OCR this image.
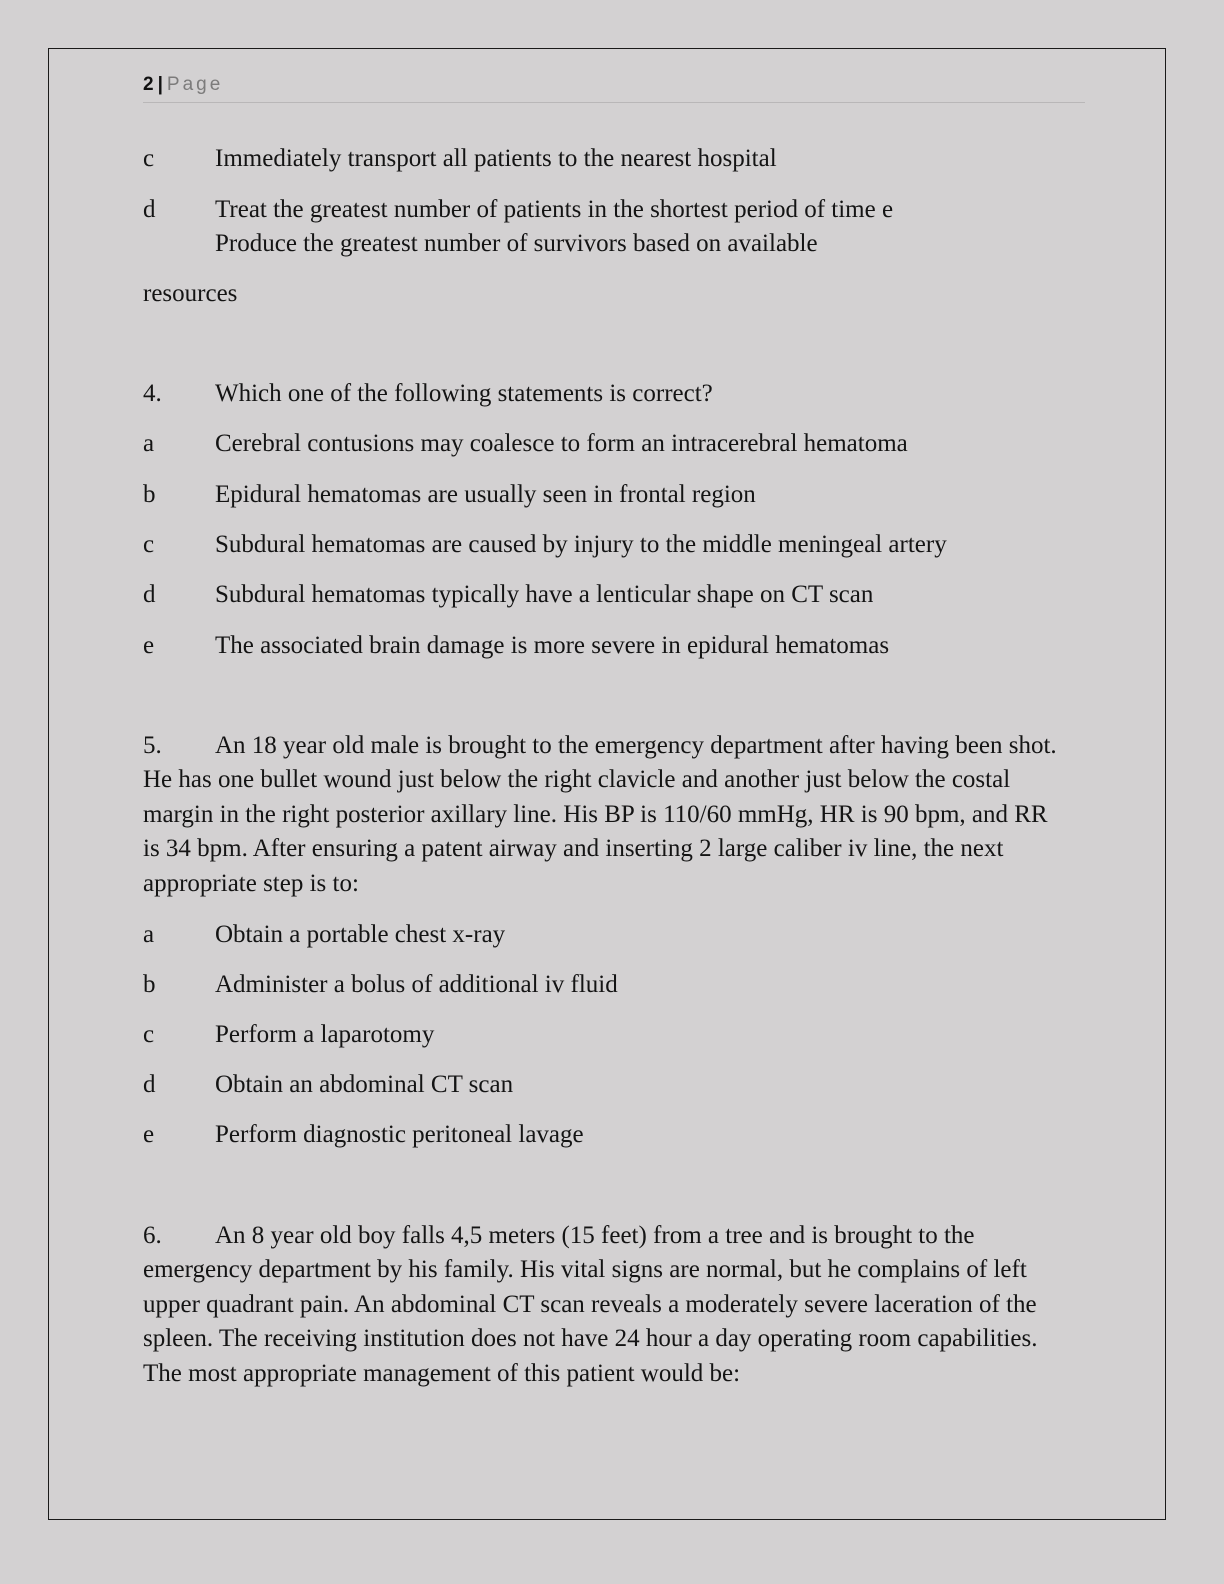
2 | Page
c Immediately transport all patients to the nearest hospital
d Treat the greatest number of patients in the shortest period of time e
Produce the greatest number of survivors based on available
resources
4. Which one of the following statements is correct?
a Cerebral contusions may coalesce to form an intracerebral hematoma
b Epidural hematomas are usually seen in frontal region
c Subdural hematomas are caused by injury to the middle meningeal artery
d Subdural hematomas typically have a lenticular shape on CT scan
e The associated brain damage is more severe in epidural hematomas
5. An 18 year old male is brought to the emergency department after having been shot. He has one bullet wound just below the right clavicle and another just below the costal margin in the right posterior axillary line. His BP is 110/60 mmHg, HR is 90 bpm, and RR is 34 bpm. After ensuring a patent airway and inserting 2 large caliber iv line, the next appropriate step is to:
a Obtain a portable chest x-ray
b Administer a bolus of additional iv fluid
c Perform a laparotomy
d Obtain an abdominal CT scan
e Perform diagnostic peritoneal lavage
6. An 8 year old boy falls 4,5 meters (15 feet) from a tree and is brought to the emergency department by his family. His vital signs are normal, but he complains of left upper quadrant pain. An abdominal CT scan reveals a moderately severe laceration of the spleen. The receiving institution does not have 24 hour a day operating room capabilities. The most appropriate management of this patient would be:
